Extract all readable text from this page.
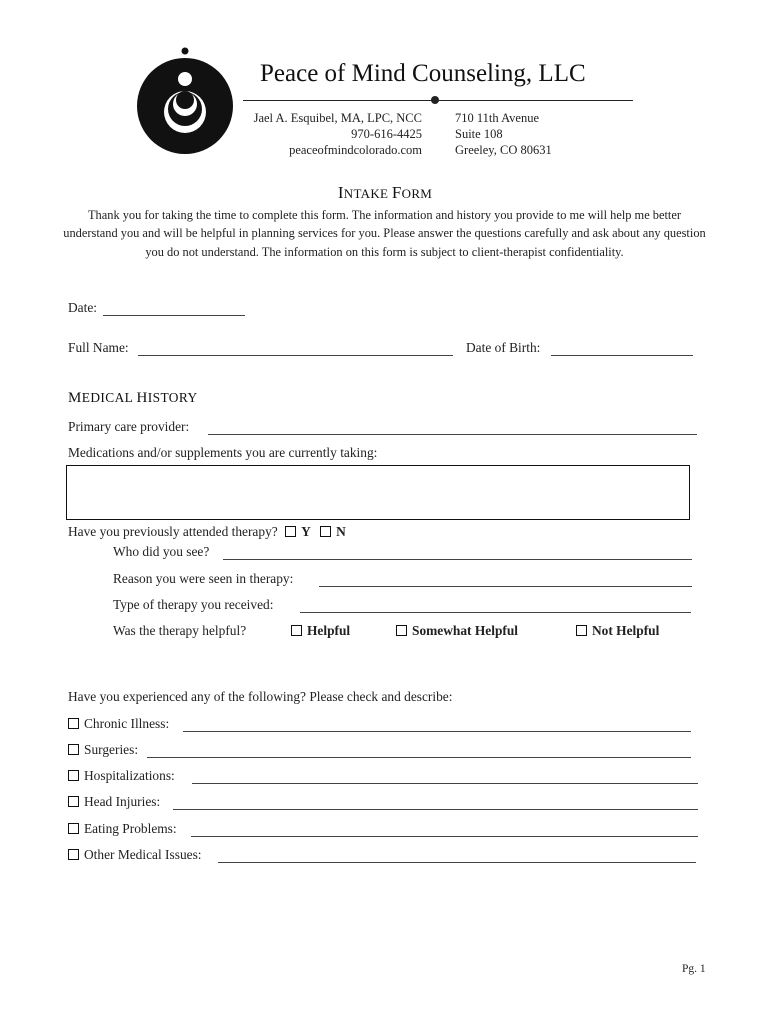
Peace of Mind Counseling, LLC
Jael A. Esquibel, MA, LPC, NCC
970-616-4425
peaceofmindcolorado.com
710 11th Avenue
Suite 108
Greeley, CO 80631
INTAKE FORM
Thank you for taking the time to complete this form. The information and history you provide to me will help me better understand you and will be helpful in planning services for you. Please answer the questions carefully and ask about any question you do not understand. The information on this form is subject to client-therapist confidentiality.
Date:
Full Name:	Date of Birth:
MEDICAL HISTORY
Primary care provider:
Medications and/or supplements you are currently taking:
Have you previously attended therapy? Y N
Who did you see?
Reason you were seen in therapy:
Type of therapy you received:
Was the therapy helpful?	Helpful	Somewhat Helpful	Not Helpful
Have you experienced any of the following? Please check and describe:
Chronic Illness:
Surgeries:
Hospitalizations:
Head Injuries:
Eating Problems:
Other Medical Issues:
Pg. 1
